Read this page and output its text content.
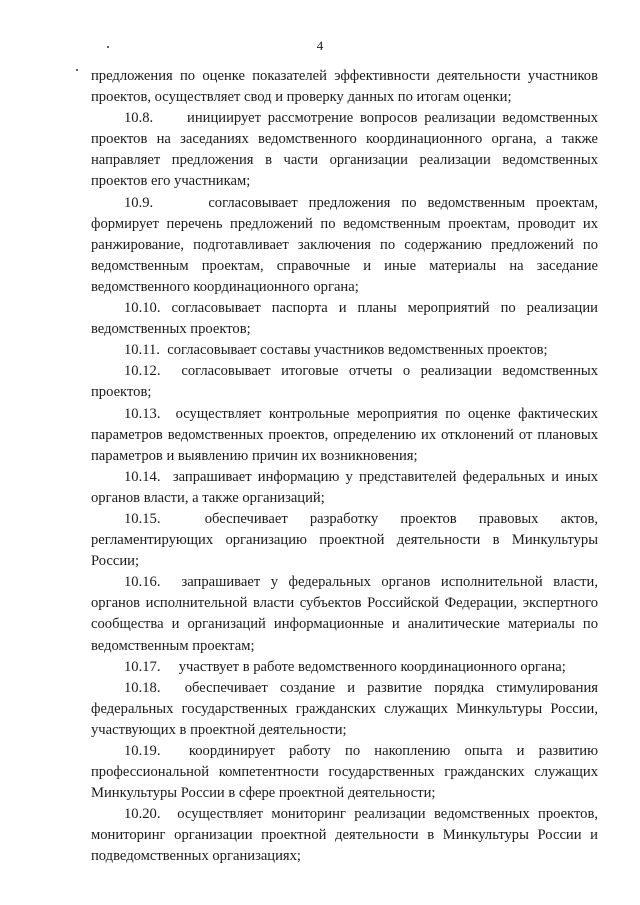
4

предложения по оценке показателей эффективности деятельности участников проектов, осуществляет свод и проверку данных по итогам оценки;

10.8. инициирует рассмотрение вопросов реализации ведомственных проектов на заседаниях ведомственного координационного органа, а также направляет предложения в части организации реализации ведомственных проектов его участникам;

10.9.	согласовывает предложения по ведомственным проектам, формирует перечень предложений по ведомственным проектам, проводит их ранжирование, подготавливает заключения по содержанию предложений по ведомственным проектам, справочные и иные материалы на заседание ведомственного координационного органа;

10.10. согласовывает паспорта и планы мероприятий по реализации ведомственных проектов;

10.11. согласовывает составы участников ведомственных проектов;

10.12. согласовывает итоговые отчеты о реализации ведомственных проектов;

10.13. осуществляет контрольные мероприятия по оценке фактических параметров ведомственных проектов, определению их отклонений от плановых параметров и выявлению причин их возникновения;

10.14. запрашивает информацию у представителей федеральных и иных органов власти, а также организаций;

10.15.	обеспечивает разработку проектов правовых актов, регламентирующих организацию проектной деятельности в Минкультуры России;

10.16. запрашивает у федеральных органов исполнительной власти, органов исполнительной власти субъектов Российской Федерации, экспертного сообщества и организаций информационные и аналитические материалы по ведомственным проектам;

10.17. участвует в работе ведомственного координационного органа;

10.18. обеспечивает создание и развитие порядка стимулирования федеральных государственных гражданских служащих Минкультуры России, участвующих в проектной деятельности;

10.19. координирует работу по накоплению опыта и развитию профессиональной компетентности государственных гражданских служащих Минкультуры России в сфере проектной деятельности;

10.20. осуществляет мониторинг реализации ведомственных проектов, мониторинг организации проектной деятельности в Минкультуры России и подведомственных организациях;
